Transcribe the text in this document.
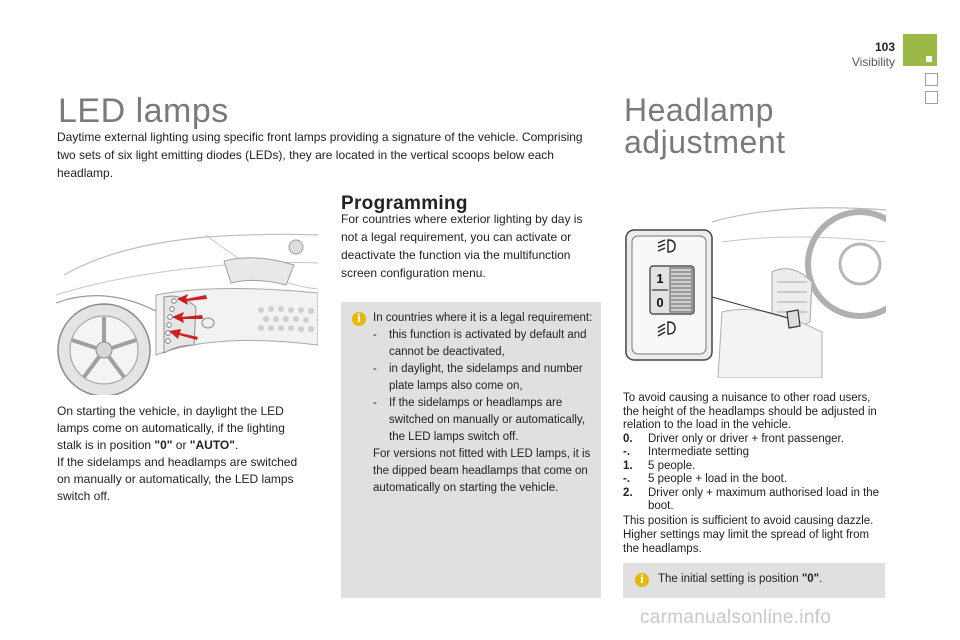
103
Visibility
LED lamps

Daytime external lighting using specific front lamps providing a signature of the vehicle. Comprising two sets of six light emitting diodes (LEDs), they are located in the vertical scoops below each headlamp.

On starting the vehicle, in daylight the LED lamps come on automatically, if the lighting stalk is in position "0" or "AUTO".
If the sidelamps and headlamps are switched on manually or automatically, the LED lamps switch off.

Programming

For countries where exterior lighting by day is not a legal requirement, you can activate or deactivate the function via the multifunction screen configuration menu.

i	In countries where it is a legal requirement:
- this function is activated by default and cannot be deactivated,
- in daylight, the sidelamps and number plate lamps also come on,
- If the sidelamps or headlamps are switched on manually or automatically, the LED lamps switch off.
For versions not fitted with LED lamps, it is the dipped beam headlamps that come on automatically on starting the vehicle.
Headlamp
adjustment
1
0

To avoid causing a nuisance to other road users, the height of the headlamps should be adjusted in relation to the load in the vehicle.

0.	Driver only or driver + front passenger.
-.	Intermediate setting
1.	5 people.
-.	5 people + load in the boot.
2.	Driver only + maximum authorised load in the boot.

This position is sufficient to avoid causing dazzle.

Higher settings may limit the spread of light from the headlamps.

i	The initial setting is position "0".
carmanualsonline.info
